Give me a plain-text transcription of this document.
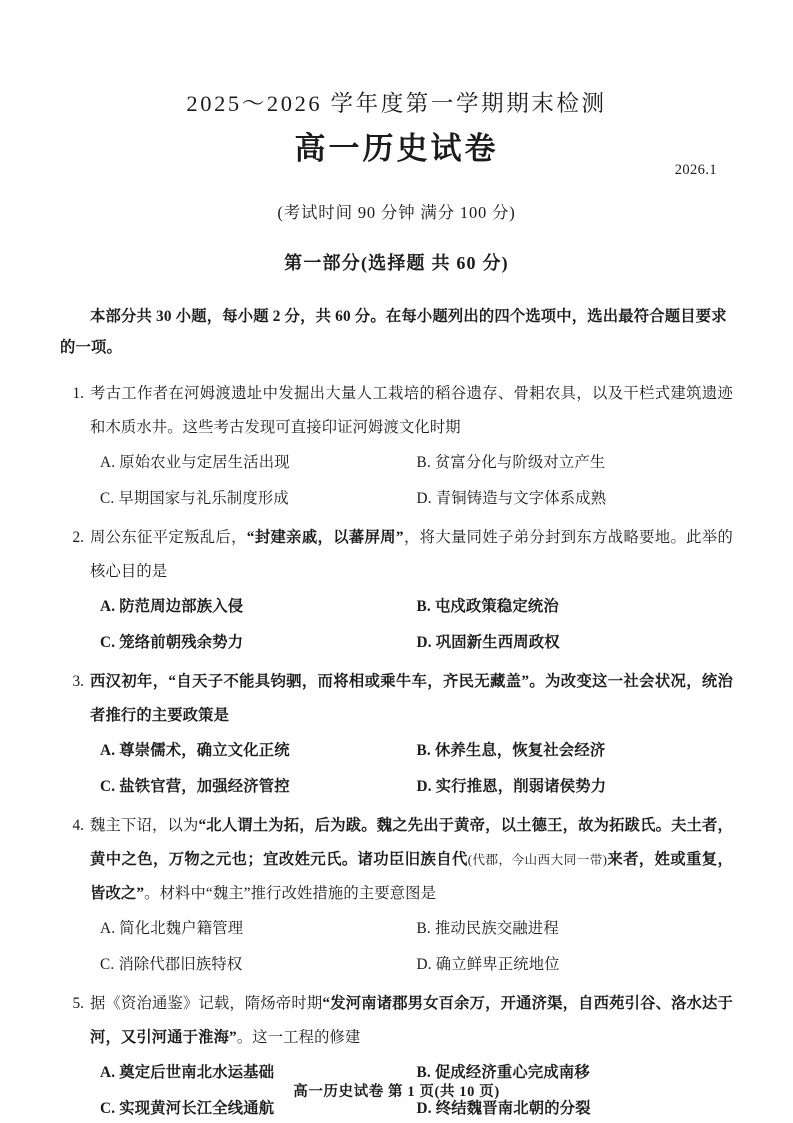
2025～2026 学年度第一学期期末检测
高一历史试卷
2026.1
(考试时间 90 分钟 满分 100 分)
第一部分(选择题 共 60 分)
本部分共 30 小题，每小题 2 分，共 60 分。在每小题列出的四个选项中，选出最符合题目要求的一项。
1. 考古工作者在河姆渡遗址中发掘出大量人工栽培的稻谷遗存、骨耜农具，以及干栏式建筑遗迹和木质水井。这些考古发现可直接印证河姆渡文化时期
A. 原始农业与定居生活出现	B. 贫富分化与阶级对立产生
C. 早期国家与礼乐制度形成	D. 青铜铸造与文字体系成熟
2. 周公东征平定叛乱后，“封建亲戚，以蕃屏周”，将大量同姓子弟分封到东方战略要地。此举的核心目的是
A. 防范周边部族入侵	B. 屯戍政策稳定统治
C. 笼络前朝残余势力	D. 巩固新生西周政权
3. 西汉初年，“自天子不能具钧驷，而将相或乘牛车，齐民无藏盖”。为改变这一社会状况，统治者推行的主要政策是
A. 尊崇儒术，确立文化正统	B. 休养生息，恢复社会经济
C. 盐铁官营，加强经济管控	D. 实行推恩，削弱诸侯势力
4. 魏主下诏，以为“北人谓土为拓，后为跋。魏之先出于黄帝，以土德王，故为拓跋氏。夫土者，黄中之色，万物之元也；宜改姓元氏。诸功臣旧族自代(代郡，今山西大同一带)来者，姓或重复，皆改之”。材料中“魏主”推行改姓措施的主要意图是
A. 简化北魏户籍管理	B. 推动民族交融进程
C. 消除代郡旧族特权	D. 确立鲜卑正统地位
5. 据《资治通鉴》记载，隋炀帝时期“发河南诸郡男女百余万，开通济渠，自西苑引谷、洛水达于河，又引河通于淮海”。这一工程的修建
A. 奠定后世南北水运基础	B. 促成经济重心完成南移
C. 实现黄河长江全线通航	D. 终结魏晋南北朝的分裂
高一历史试卷 第 1 页(共 10 页)
